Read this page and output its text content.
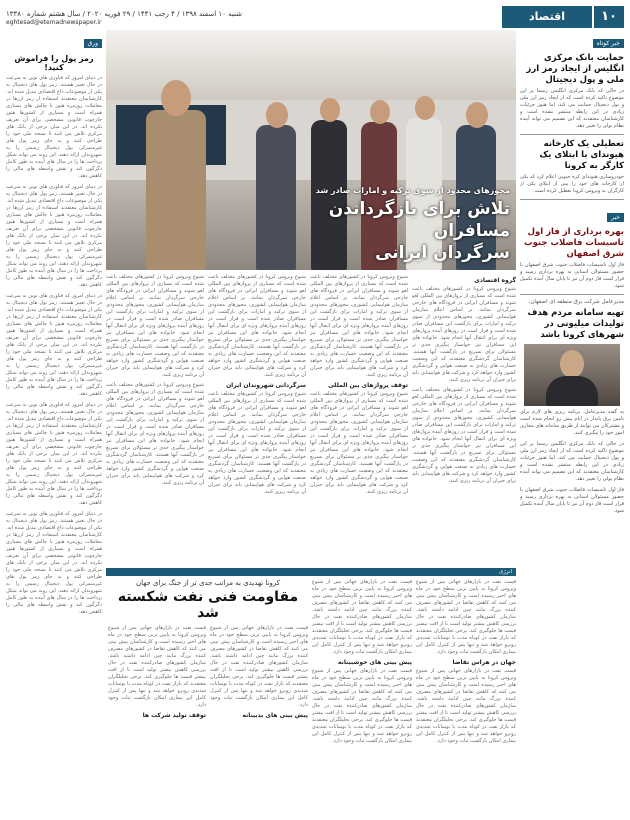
۱۰
اقتصاد
شنبه ۱۰ اسفند ۱۳۹۸ / ۴ رجب ۱۴۴۱ / ۲۹ فوریه ۲۰۲۰ / سال هشتم شماره ۱۳۳۸۰
eghtesad@etemadnewspaper.ir
خبر کوتاه
حمایت بانک مرکزی انگلیس از ایجاد رمز ارز ملی و پول دیجیتال
در حالی که بانک مرکزی انگلیس رسما بر این موضوع تاکید کرده است که از ایجاد رمز ارز ملی و پول دیجیتال حمایت می کند، اما هنوز جزئیات زیادی در این رابطه منتشر نشده است و کارشناسان معتقدند که این تصمیم می تواند آینده نظام پولی را تغییر دهد.
تعطیلی یک کارخانه هیوندای با ابتلای یک کارگر به کرونا
خودروسازی هیوندای کره جنوبی اعلام کرد که یکی از کارخانه های خود را پس از ابتلای یکی از کارگران به ویروس کرونا تعطیل کرده است.
خبر
بهره برداری از فاز اول تاسیسات فاضلاب جنوب شرق اصفهان
فاز اول تاسیسات فاضلاب جنوب شرق اصفهان با حضور مسئولان استانی به بهره برداری رسید و قرار است فاز دوم آن نیز تا پایان سال آینده تکمیل شود.
مدیرعامل شرکت برق منطقه ای اصفهان:
تهیه سامانه مردم هدف تولیدات میلیونی در شهرهای کرونا باشد
به گفته مدیرعامل، برنامه ریزی های لازم برای تامین برق پایدار در ایام پیش رو انجام شده است و مشترکان می توانند از طریق سامانه های مجازی امور خود را پیگیری کنند.
در حالی که بانک مرکزی انگلیس رسما بر این موضوع تاکید کرده است که از ایجاد رمز ارز ملی و پول دیجیتال حمایت می کند، اما هنوز جزئیات زیادی در این رابطه منتشر نشده است و کارشناسان معتقدند که این تصمیم می تواند آینده نظام پولی را تغییر دهد.
فاز اول تاسیسات فاضلاب جنوب شرق اصفهان با حضور مسئولان استانی به بهره برداری رسید و قرار است فاز دوم آن نیز تا پایان سال آینده تکمیل شود.
ورق
رمز پول را فراموش کنید!
در دنیای امروز که فناوری های نوین به سرعت در حال تغییر هستند، رمز پول های دیجیتال به یکی از موضوعات داغ اقتصادی تبدیل شده اند. کارشناسان معتقدند استفاده از رمز ارزها در معاملات روزمره هنوز با چالش های بسیاری همراه است و بسیاری از کشورها هنوز چارچوب قانونی مشخصی برای آن تعریف نکرده اند. در این میان برخی از بانک های مرکزی تلاش می کنند تا نسخه ملی خود را طراحی کنند و به جای رمز پول های غیرمتمرکز، پول دیجیتال رسمی را به شهروندان ارائه دهند. این روند می تواند شکل پرداخت ها را در سال های آینده به طور کامل دگرگون کند و نقش واسطه های مالی را کاهش دهد.
در دنیای امروز که فناوری های نوین به سرعت در حال تغییر هستند، رمز پول های دیجیتال به یکی از موضوعات داغ اقتصادی تبدیل شده اند. کارشناسان معتقدند استفاده از رمز ارزها در معاملات روزمره هنوز با چالش های بسیاری همراه است و بسیاری از کشورها هنوز چارچوب قانونی مشخصی برای آن تعریف نکرده اند. در این میان برخی از بانک های مرکزی تلاش می کنند تا نسخه ملی خود را طراحی کنند و به جای رمز پول های غیرمتمرکز، پول دیجیتال رسمی را به شهروندان ارائه دهند. این روند می تواند شکل پرداخت ها را در سال های آینده به طور کامل دگرگون کند و نقش واسطه های مالی را کاهش دهد.
در دنیای امروز که فناوری های نوین به سرعت در حال تغییر هستند، رمز پول های دیجیتال به یکی از موضوعات داغ اقتصادی تبدیل شده اند. کارشناسان معتقدند استفاده از رمز ارزها در معاملات روزمره هنوز با چالش های بسیاری همراه است و بسیاری از کشورها هنوز چارچوب قانونی مشخصی برای آن تعریف نکرده اند. در این میان برخی از بانک های مرکزی تلاش می کنند تا نسخه ملی خود را طراحی کنند و به جای رمز پول های غیرمتمرکز، پول دیجیتال رسمی را به شهروندان ارائه دهند. این روند می تواند شکل پرداخت ها را در سال های آینده به طور کامل دگرگون کند و نقش واسطه های مالی را کاهش دهد.
در دنیای امروز که فناوری های نوین به سرعت در حال تغییر هستند، رمز پول های دیجیتال به یکی از موضوعات داغ اقتصادی تبدیل شده اند. کارشناسان معتقدند استفاده از رمز ارزها در معاملات روزمره هنوز با چالش های بسیاری همراه است و بسیاری از کشورها هنوز چارچوب قانونی مشخصی برای آن تعریف نکرده اند. در این میان برخی از بانک های مرکزی تلاش می کنند تا نسخه ملی خود را طراحی کنند و به جای رمز پول های غیرمتمرکز، پول دیجیتال رسمی را به شهروندان ارائه دهند. این روند می تواند شکل پرداخت ها را در سال های آینده به طور کامل دگرگون کند و نقش واسطه های مالی را کاهش دهد.
در دنیای امروز که فناوری های نوین به سرعت در حال تغییر هستند، رمز پول های دیجیتال به یکی از موضوعات داغ اقتصادی تبدیل شده اند. کارشناسان معتقدند استفاده از رمز ارزها در معاملات روزمره هنوز با چالش های بسیاری همراه است و بسیاری از کشورها هنوز چارچوب قانونی مشخصی برای آن تعریف نکرده اند. در این میان برخی از بانک های مرکزی تلاش می کنند تا نسخه ملی خود را طراحی کنند و به جای رمز پول های غیرمتمرکز، پول دیجیتال رسمی را به شهروندان ارائه دهند. این روند می تواند شکل پرداخت ها را در سال های آینده به طور کامل دگرگون کند و نقش واسطه های مالی را کاهش دهد.
مجوزهای محدود از سوی ترکیه و امارات صادر شد
تلاش برای بازگرداندن مسافران
سرگردان ایرانی
گروه اقتصادی
شیوع ویروس کرونا در کشورهای مختلف باعث شده است که بسیاری از پروازهای بین المللی لغو شوند و مسافران ایرانی در فرودگاه های خارجی سرگردان بمانند. بر اساس اعلام سازمان هواپیمایی کشوری، مجوزهای محدودی از سوی ترکیه و امارات برای بازگشت این مسافران صادر شده است و قرار است در روزهای آینده پروازهای ویژه ای برای انتقال آنها انجام شود. خانواده های این مسافران نیز خواستار پیگیری جدی تر مسئولان برای تسریع در بازگشت آنها هستند. کارشناسان گردشگری معتقدند که این وضعیت خسارت های زیادی به صنعت هوایی و گردشگری کشور وارد خواهد کرد و شرکت های هواپیمایی باید برای جبران آن برنامه ریزی کنند.
شیوع ویروس کرونا در کشورهای مختلف باعث شده است که بسیاری از پروازهای بین المللی لغو شوند و مسافران ایرانی در فرودگاه های خارجی سرگردان بمانند. بر اساس اعلام سازمان هواپیمایی کشوری، مجوزهای محدودی از سوی ترکیه و امارات برای بازگشت این مسافران صادر شده است و قرار است در روزهای آینده پروازهای ویژه ای برای انتقال آنها انجام شود. خانواده های این مسافران نیز خواستار پیگیری جدی تر مسئولان برای تسریع در بازگشت آنها هستند. کارشناسان گردشگری معتقدند که این وضعیت خسارت های زیادی به صنعت هوایی و گردشگری کشور وارد خواهد کرد و شرکت های هواپیمایی باید برای جبران آن برنامه ریزی کنند.
شیوع ویروس کرونا در کشورهای مختلف باعث شده است که بسیاری از پروازهای بین المللی لغو شوند و مسافران ایرانی در فرودگاه های خارجی سرگردان بمانند. بر اساس اعلام سازمان هواپیمایی کشوری، مجوزهای محدودی از سوی ترکیه و امارات برای بازگشت این مسافران صادر شده است و قرار است در روزهای آینده پروازهای ویژه ای برای انتقال آنها انجام شود. خانواده های این مسافران نیز خواستار پیگیری جدی تر مسئولان برای تسریع در بازگشت آنها هستند. کارشناسان گردشگری معتقدند که این وضعیت خسارت های زیادی به صنعت هوایی و گردشگری کشور وارد خواهد کرد و شرکت های هواپیمایی باید برای جبران آن برنامه ریزی کنند.
توقف پروازهای بین المللی
شیوع ویروس کرونا در کشورهای مختلف باعث شده است که بسیاری از پروازهای بین المللی لغو شوند و مسافران ایرانی در فرودگاه های خارجی سرگردان بمانند. بر اساس اعلام سازمان هواپیمایی کشوری، مجوزهای محدودی از سوی ترکیه و امارات برای بازگشت این مسافران صادر شده است و قرار است در روزهای آینده پروازهای ویژه ای برای انتقال آنها انجام شود. خانواده های این مسافران نیز خواستار پیگیری جدی تر مسئولان برای تسریع در بازگشت آنها هستند. کارشناسان گردشگری معتقدند که این وضعیت خسارت های زیادی به صنعت هوایی و گردشگری کشور وارد خواهد کرد و شرکت های هواپیمایی باید برای جبران آن برنامه ریزی کنند.
شیوع ویروس کرونا در کشورهای مختلف باعث شده است که بسیاری از پروازهای بین المللی لغو شوند و مسافران ایرانی در فرودگاه های خارجی سرگردان بمانند. بر اساس اعلام سازمان هواپیمایی کشوری، مجوزهای محدودی از سوی ترکیه و امارات برای بازگشت این مسافران صادر شده است و قرار است در روزهای آینده پروازهای ویژه ای برای انتقال آنها انجام شود. خانواده های این مسافران نیز خواستار پیگیری جدی تر مسئولان برای تسریع در بازگشت آنها هستند. کارشناسان گردشگری معتقدند که این وضعیت خسارت های زیادی به صنعت هوایی و گردشگری کشور وارد خواهد کرد و شرکت های هواپیمایی باید برای جبران آن برنامه ریزی کنند.
سرگردانی شهروندان ایران
شیوع ویروس کرونا در کشورهای مختلف باعث شده است که بسیاری از پروازهای بین المللی لغو شوند و مسافران ایرانی در فرودگاه های خارجی سرگردان بمانند. بر اساس اعلام سازمان هواپیمایی کشوری، مجوزهای محدودی از سوی ترکیه و امارات برای بازگشت این مسافران صادر شده است و قرار است در روزهای آینده پروازهای ویژه ای برای انتقال آنها انجام شود. خانواده های این مسافران نیز خواستار پیگیری جدی تر مسئولان برای تسریع در بازگشت آنها هستند. کارشناسان گردشگری معتقدند که این وضعیت خسارت های زیادی به صنعت هوایی و گردشگری کشور وارد خواهد کرد و شرکت های هواپیمایی باید برای جبران آن برنامه ریزی کنند.
شیوع ویروس کرونا در کشورهای مختلف باعث شده است که بسیاری از پروازهای بین المللی لغو شوند و مسافران ایرانی در فرودگاه های خارجی سرگردان بمانند. بر اساس اعلام سازمان هواپیمایی کشوری، مجوزهای محدودی از سوی ترکیه و امارات برای بازگشت این مسافران صادر شده است و قرار است در روزهای آینده پروازهای ویژه ای برای انتقال آنها انجام شود. خانواده های این مسافران نیز خواستار پیگیری جدی تر مسئولان برای تسریع در بازگشت آنها هستند. کارشناسان گردشگری معتقدند که این وضعیت خسارت های زیادی به صنعت هوایی و گردشگری کشور وارد خواهد کرد و شرکت های هواپیمایی باید برای جبران آن برنامه ریزی کنند.
شیوع ویروس کرونا در کشورهای مختلف باعث شده است که بسیاری از پروازهای بین المللی لغو شوند و مسافران ایرانی در فرودگاه های خارجی سرگردان بمانند. بر اساس اعلام سازمان هواپیمایی کشوری، مجوزهای محدودی از سوی ترکیه و امارات برای بازگشت این مسافران صادر شده است و قرار است در روزهای آینده پروازهای ویژه ای برای انتقال آنها انجام شود. خانواده های این مسافران نیز خواستار پیگیری جدی تر مسئولان برای تسریع در بازگشت آنها هستند. کارشناسان گردشگری معتقدند که این وضعیت خسارت های زیادی به صنعت هوایی و گردشگری کشور وارد خواهد کرد و شرکت های هواپیمایی باید برای جبران آن برنامه ریزی کنند.
انرژی
قیمت نفت در بازارهای جهانی پس از شیوع ویروس کرونا به پایین ترین سطح خود در ماه های اخیر رسیده است و کارشناسان پیش بینی می کنند که کاهش تقاضا در کشورهای مصرف کننده بزرگ مانند چین ادامه داشته باشد. سازمان کشورهای صادرکننده نفت در حال بررسی کاهش بیشتر تولید است تا از افت بیشتر قیمت ها جلوگیری کند. برخی تحلیلگران معتقدند که بازار نفت در کوتاه مدت با نوسانات شدیدی روبرو خواهد شد و تنها پس از کنترل کامل این بیماری امکان بازگشت ثبات وجود دارد.
جهان در هراس تقاضا
قیمت نفت در بازارهای جهانی پس از شیوع ویروس کرونا به پایین ترین سطح خود در ماه های اخیر رسیده است و کارشناسان پیش بینی می کنند که کاهش تقاضا در کشورهای مصرف کننده بزرگ مانند چین ادامه داشته باشد. سازمان کشورهای صادرکننده نفت در حال بررسی کاهش بیشتر تولید است تا از افت بیشتر قیمت ها جلوگیری کند. برخی تحلیلگران معتقدند که بازار نفت در کوتاه مدت با نوسانات شدیدی روبرو خواهد شد و تنها پس از کنترل کامل این بیماری امکان بازگشت ثبات وجود دارد.
قیمت نفت در بازارهای جهانی پس از شیوع ویروس کرونا به پایین ترین سطح خود در ماه های اخیر رسیده است و کارشناسان پیش بینی می کنند که کاهش تقاضا در کشورهای مصرف کننده بزرگ مانند چین ادامه داشته باشد. سازمان کشورهای صادرکننده نفت در حال بررسی کاهش بیشتر تولید است تا از افت بیشتر قیمت ها جلوگیری کند. برخی تحلیلگران معتقدند که بازار نفت در کوتاه مدت با نوسانات شدیدی روبرو خواهد شد و تنها پس از کنترل کامل این بیماری امکان بازگشت ثبات وجود دارد.
پیش بینی های خوشبینانه
قیمت نفت در بازارهای جهانی پس از شیوع ویروس کرونا به پایین ترین سطح خود در ماه های اخیر رسیده است و کارشناسان پیش بینی می کنند که کاهش تقاضا در کشورهای مصرف کننده بزرگ مانند چین ادامه داشته باشد. سازمان کشورهای صادرکننده نفت در حال بررسی کاهش بیشتر تولید است تا از افت بیشتر قیمت ها جلوگیری کند. برخی تحلیلگران معتقدند که بازار نفت در کوتاه مدت با نوسانات شدیدی روبرو خواهد شد و تنها پس از کنترل کامل این بیماری امکان بازگشت ثبات وجود دارد.
کرونا تهدیدی به مراتب جدی تر از جنگ برای جهان
مقاومت فنی نفت شکسته شد
قیمت نفت در بازارهای جهانی پس از شیوع ویروس کرونا به پایین ترین سطح خود در ماه های اخیر رسیده است و کارشناسان پیش بینی می کنند که کاهش تقاضا در کشورهای مصرف کننده بزرگ مانند چین ادامه داشته باشد. سازمان کشورهای صادرکننده نفت در حال بررسی کاهش بیشتر تولید است تا از افت بیشتر قیمت ها جلوگیری کند. برخی تحلیلگران معتقدند که بازار نفت در کوتاه مدت با نوسانات شدیدی روبرو خواهد شد و تنها پس از کنترل کامل این بیماری امکان بازگشت ثبات وجود دارد.
پیش بینی های بدبینانه
قیمت نفت در بازارهای جهانی پس از شیوع ویروس کرونا به پایین ترین سطح خود در ماه های اخیر رسیده است و کارشناسان پیش بینی می کنند که کاهش تقاضا در کشورهای مصرف کننده بزرگ مانند چین ادامه داشته باشد. سازمان کشورهای صادرکننده نفت در حال بررسی کاهش بیشتر تولید است تا از افت بیشتر قیمت ها جلوگیری کند. برخی تحلیلگران معتقدند که بازار نفت در کوتاه مدت با نوسانات شدیدی روبرو خواهد شد و تنها پس از کنترل کامل این بیماری امکان بازگشت ثبات وجود دارد.
توقف تولید شرکت ها
